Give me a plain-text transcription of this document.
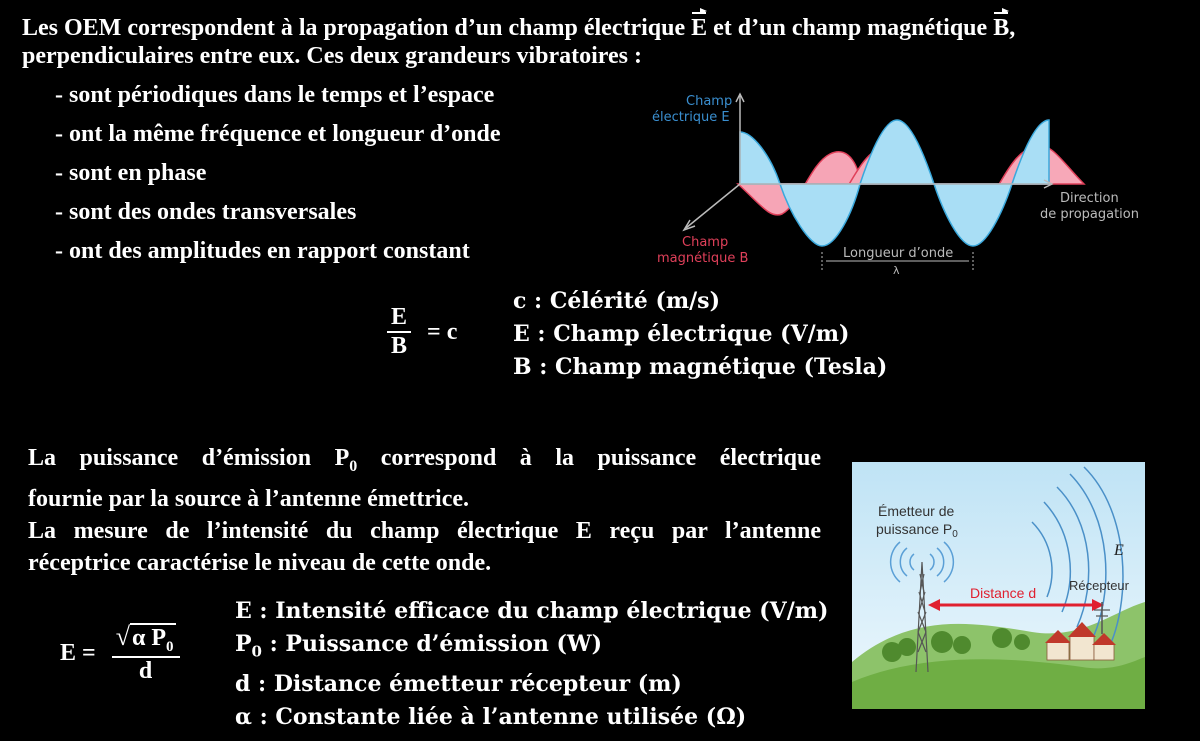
Les OEM correspondent à la propagation d’un champ électrique E et d’un champ magnétique B,
perpendiculaires entre eux. Ces deux grandeurs vibratoires :
- sont périodiques dans le temps et l’espace
- ont la même fréquence et longueur d’onde
- sont en phase
- sont des ondes transversales
- ont des amplitudes en rapport constant
Champ
électrique E
Champ
magnétique B
Direction
de propagation
Longueur d’onde
λ
$\frac{E}{B} = c$
c : Célérité (m/s)
E : Champ électrique (V/m)
B : Champ magnétique (Tesla)
La puissance d’émission $P_0$ correspond à la puissance électrique
fournie par la source à l’antenne émettrice.
La mesure de l’intensité du champ électrique E reçu par l’antenne
réceptrice caractérise le niveau de cette onde.
$E = \frac{√\alpha P_0}{d}$
E : Intensité efficace du champ électrique (V/m)
$P_0$ : Puissance d’émission (W)
d : Distance émetteur récepteur (m)
α : Constante liée à l’antenne utilisée (Ω)
Émetteur de
puissance $P_0$
E
Distance d	Récepteur
